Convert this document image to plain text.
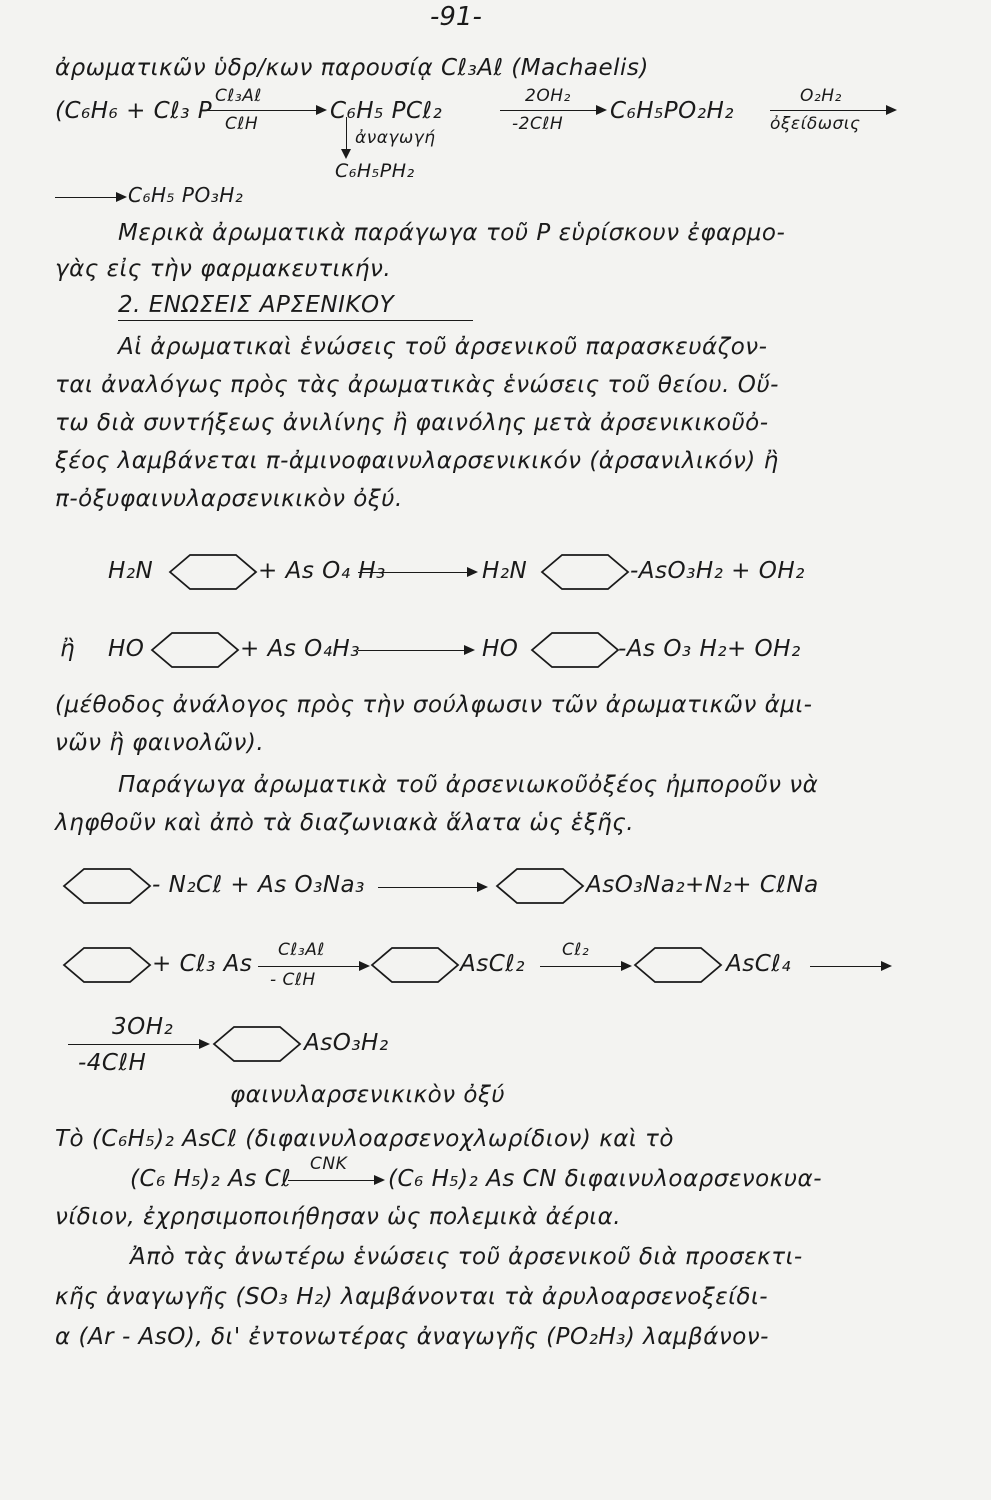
-91-
ἀρωματικῶν ὑδρ/κων παρουσίᾳ Cℓ₃Aℓ (Machaelis)
(C₆H₆ + Cℓ₃ P
Cℓ₃Aℓ
CℓH	C₆H₅ PCℓ₂
2OH₂
-2CℓH C₆H₅PO₂H₂
O₂H₂
ὀξείδωσις
ἀναγωγή
C₆H₅PH₂
C₆H₅ PO₃H₂
Μερικὰ ἀρωματικὰ παράγωγα τοῦ P εὑρίσκουν ἐφαρμο-
γὰς εἰς τὴν φαρμακευτικήν.
2. ΕΝΩΣΕΙΣ ΑΡΣΕΝΙΚΟΥ
Αἱ ἀρωματικαὶ ἑνώσεις τοῦ ἀρσενικοῦ παρασκευάζον-
ται ἀναλόγως πρὸς τὰς ἀρωματικὰς ἑνώσεις τοῦ θείου. Οὕ-
τω διὰ συντήξεως ἀνιλίνης ἢ φαινόλης μετὰ ἀρσενικικοῦὀ-
ξέος λαμβάνεται π-ἀμινοφαινυλαρσενικικόν (ἀρσανιλικόν) ἢ
π-ὀξυφαινυλαρσενικικὸν ὀξύ.
H₂N	+ As O₄ H₃	H₂N	-AsO₃H₂ + OH₂
ἢ HO	+ As O₄H₃	HO	-As O₃ H₂+ OH₂
(μέθοδος ἀνάλογος πρὸς τὴν σούλφωσιν τῶν ἀρωματικῶν ἀμι-
νῶν ἢ φαινολῶν).
Παράγωγα ἀρωματικὰ τοῦ ἀρσενιωκοῦὀξέος ἠμποροῦν νὰ
ληφθοῦν καὶ ἀπὸ τὰ διαζωνιακὰ ἅλατα ὡς ἑξῆς.
- N₂Cℓ + As O₃Na₃	AsO₃Na₂+N₂+ CℓNa
+ Cℓ₃ As
Cℓ₃Aℓ
- CℓH
AsCℓ₂
Cℓ₂
AsCℓ₄
3OH₂
-4CℓH
AsO₃H₂
φαινυλαρσενικικὸν ὀξύ
Τὸ (C₆H₅)₂ AsCℓ (διφαινυλοαρσενοχλωρίδιον) καὶ τὸ
(C₆ H₅)₂ As Cℓ
CNK
(C₆ H₅)₂ As CN διφαινυλοαρσενοκυα-
νίδιον, ἐχρησιμοποιήθησαν ὡς πολεμικὰ ἀέρια.
Ἀπὸ τὰς ἀνωτέρω ἑνώσεις τοῦ ἀρσενικοῦ διὰ προσεκτι-
κῆς ἀναγωγῆς (SO₃ H₂) λαμβάνονται τὰ ἀρυλοαρσενοξείδι-
α (Ar - AsO), δι' ἐντονωτέρας ἀναγωγῆς (PO₂H₃) λαμβάνον-
